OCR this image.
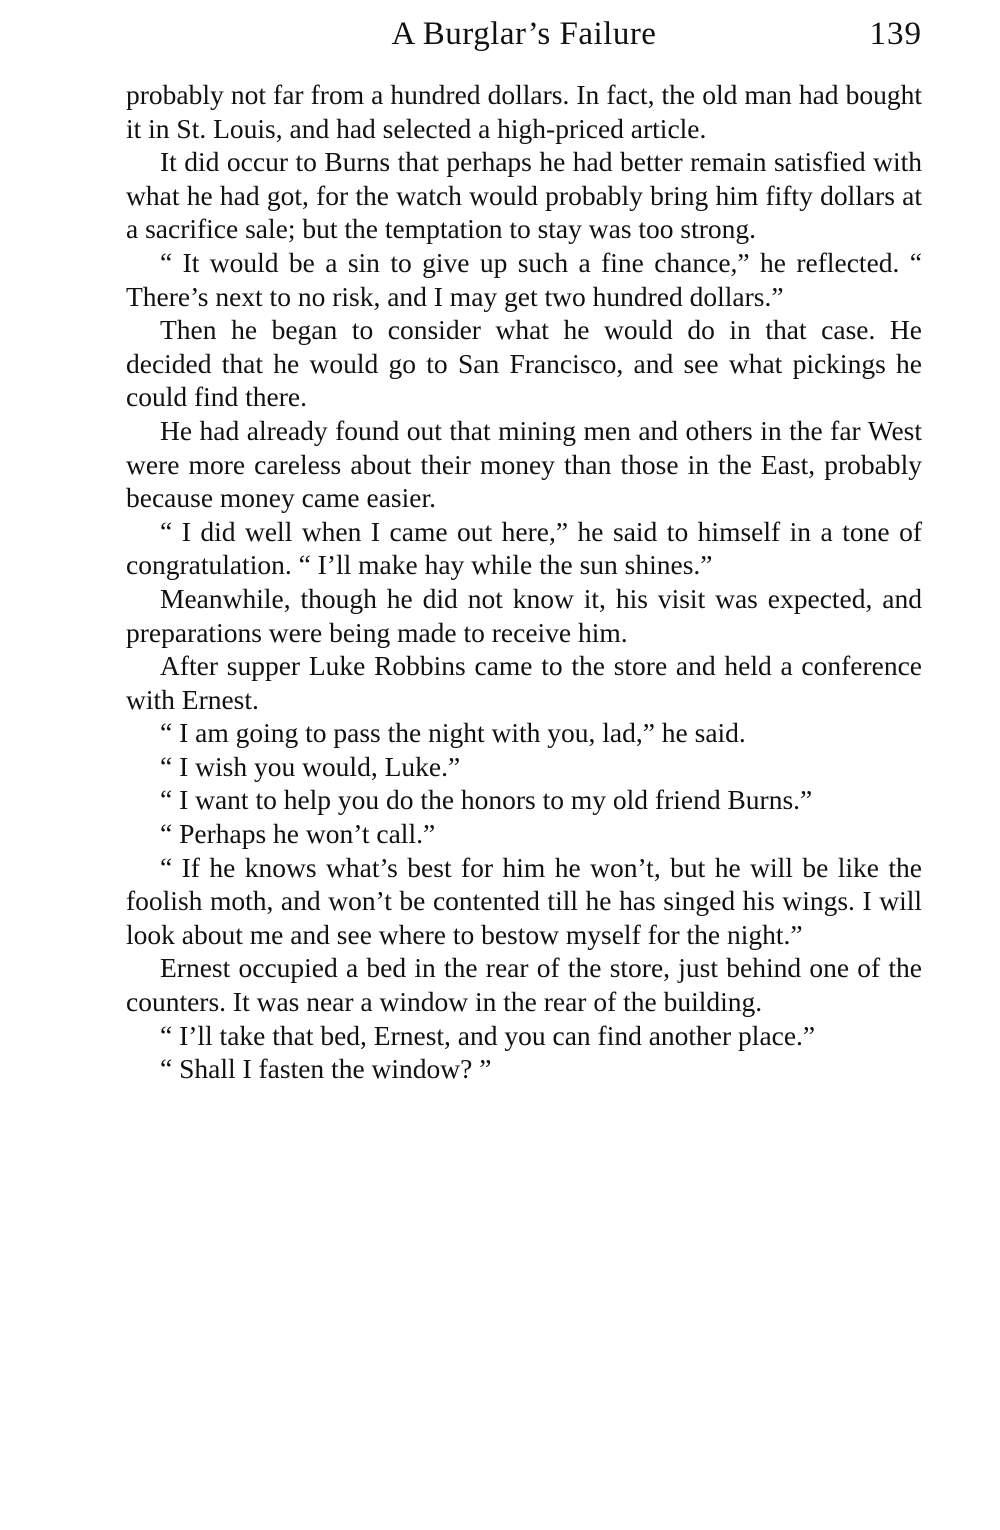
A Burglar’s Failure	139

probably not far from a hundred dollars. In fact, the old man had bought it in St. Louis, and had selected a high-priced article.

It did occur to Burns that perhaps he had better remain satisfied with what he had got, for the watch would probably bring him fifty dollars at a sacrifice sale; but the temptation to stay was too strong.

“ It would be a sin to give up such a fine chance,” he reflected. “ There’s next to no risk, and I may get two hundred dollars.”

Then he began to consider what he would do in that case. He decided that he would go to San Francisco, and see what pickings he could find there.

He had already found out that mining men and others in the far West were more careless about their money than those in the East, probably because money came easier.

“ I did well when I came out here,” he said to himself in a tone of congratulation. “ I’ll make hay while the sun shines.”

Meanwhile, though he did not know it, his visit was expected, and preparations were being made to receive him.

After supper Luke Robbins came to the store and held a conference with Ernest.

“ I am going to pass the night with you, lad,” he said.

“ I wish you would, Luke.”

“ I want to help you do the honors to my old friend Burns.”

“ Perhaps he won’t call.”

“ If he knows what’s best for him he won’t, but he will be like the foolish moth, and won’t be contented till he has singed his wings. I will look about me and see where to bestow myself for the night.”

Ernest occupied a bed in the rear of the store, just behind one of the counters. It was near a window in the rear of the building.

“ I’ll take that bed, Ernest, and you can find another place.”

“ Shall I fasten the window? ”
